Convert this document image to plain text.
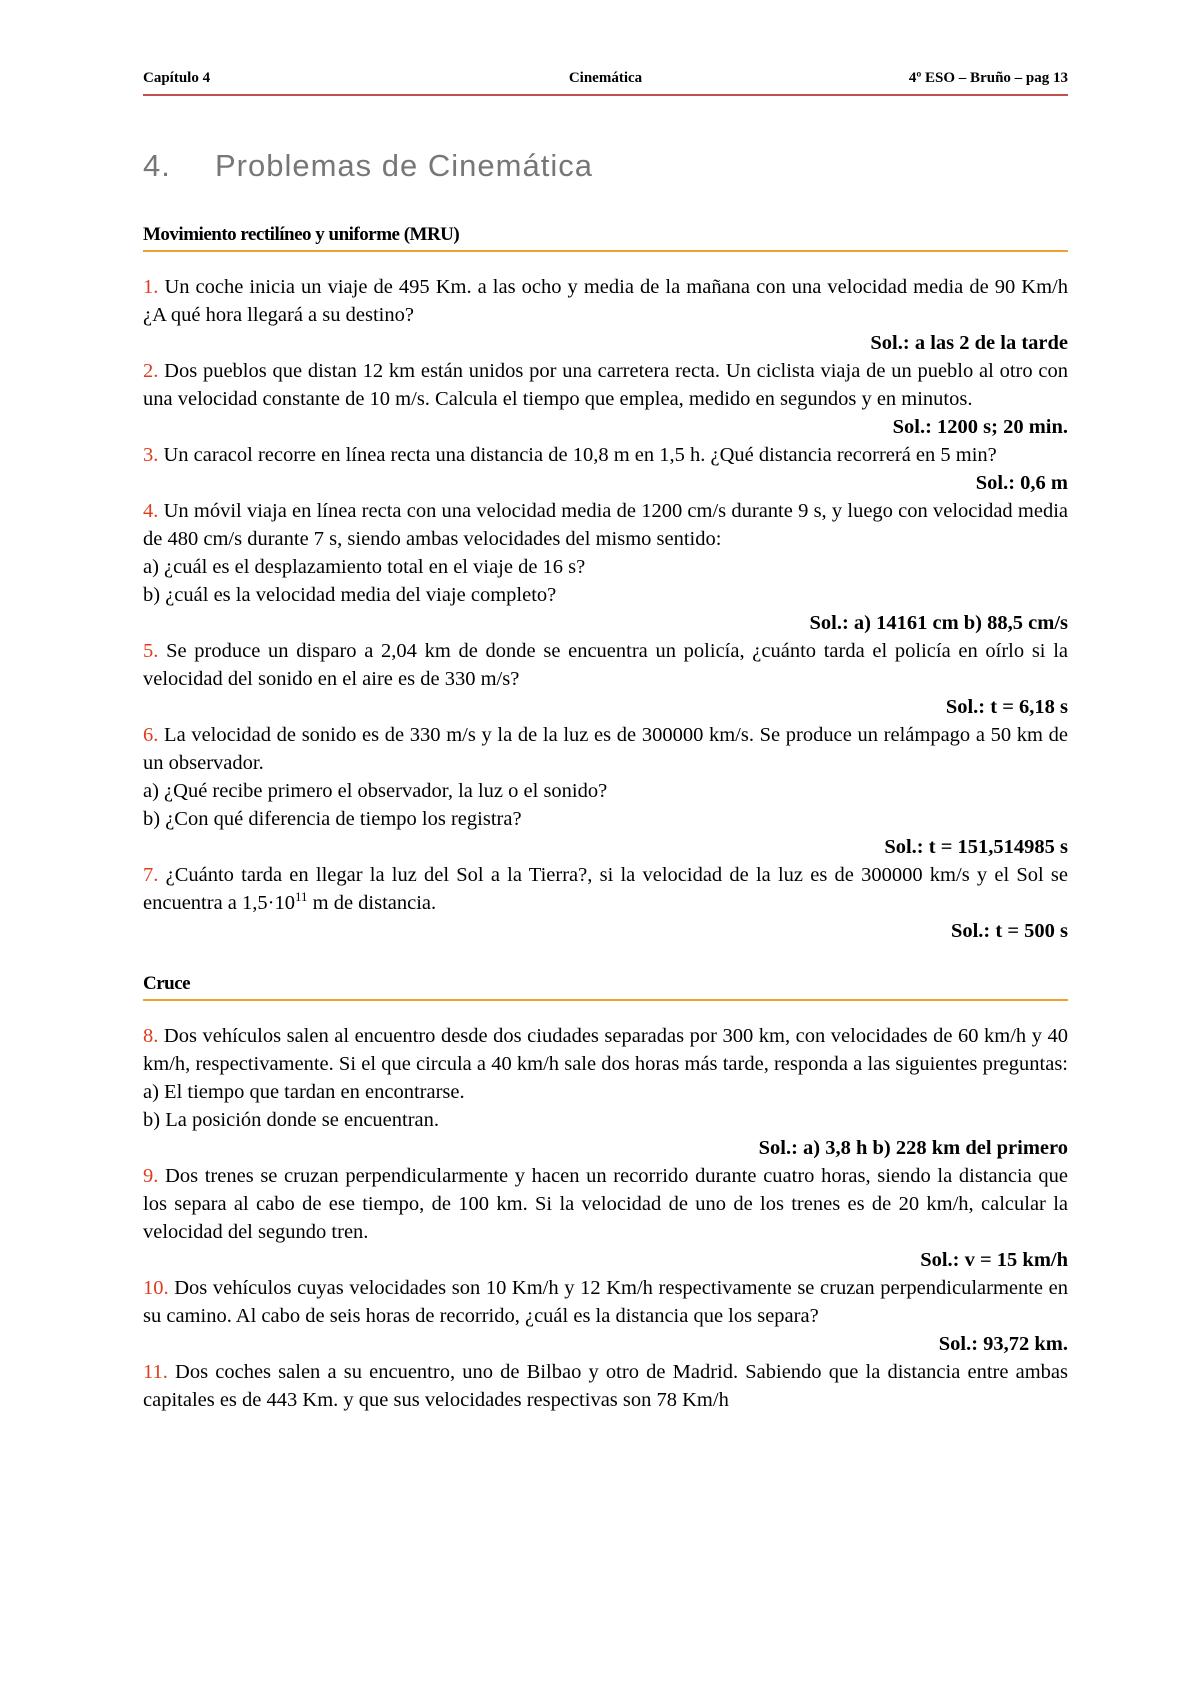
Capítulo 4	Cinemática	4º ESO – Bruño – pag 13
4. Problemas de Cinemática
Movimiento rectilíneo y uniforme (MRU)

1. Un coche inicia un viaje de 495 Km. a las ocho y media de la mañana con una velocidad media de 90 Km/h ¿A qué hora llegará a su destino?

Sol.: a las 2 de la tarde

2. Dos pueblos que distan 12 km están unidos por una carretera recta. Un ciclista viaja de un pueblo al otro con una velocidad constante de 10 m/s. Calcula el tiempo que emplea, medido en segundos y en minutos.

Sol.: 1200 s; 20 min.

3. Un caracol recorre en línea recta una distancia de 10,8 m en 1,5 h. ¿Qué distancia recorrerá en 5 min?

Sol.: 0,6 m

4. Un móvil viaja en línea recta con una velocidad media de 1200 cm/s durante 9 s, y luego con velocidad media de 480 cm/s durante 7 s, siendo ambas velocidades del mismo sentido:

a) ¿cuál es el desplazamiento total en el viaje de 16 s?

b) ¿cuál es la velocidad media del viaje completo?

Sol.: a) 14161 cm b) 88,5 cm/s

5. Se produce un disparo a 2,04 km de donde se encuentra un policía, ¿cuánto tarda el policía en oírlo si la velocidad del sonido en el aire es de 330 m/s?

Sol.: t = 6,18 s

6. La velocidad de sonido es de 330 m/s y la de la luz es de 300000 km/s. Se produce un relámpago a 50 km de un observador.

a) ¿Qué recibe primero el observador, la luz o el sonido?

b) ¿Con qué diferencia de tiempo los registra?

Sol.: t = 151,514985 s

7. ¿Cuánto tarda en llegar la luz del Sol a la Tierra?, si la velocidad de la luz es de 300000 km/s y el Sol se encuentra a $1,5\cdot 10^{11}$ m de distancia.

Sol.: t = 500 s

Cruce

8. Dos vehículos salen al encuentro desde dos ciudades separadas por 300 km, con velocidades de 60 km/h y 40 km/h, respectivamente. Si el que circula a 40 km/h sale dos horas más tarde, responda a las siguientes preguntas: a) El tiempo que tardan en encontrarse.

b) La posición donde se encuentran.

Sol.: a) 3,8 h b) 228 km del primero

9. Dos trenes se cruzan perpendicularmente y hacen un recorrido durante cuatro horas, siendo la distancia que los separa al cabo de ese tiempo, de 100 km. Si la velocidad de uno de los trenes es de 20 km/h, calcular la velocidad del segundo tren.

Sol.: v = 15 km/h

10. Dos vehículos cuyas velocidades son 10 Km/h y 12 Km/h respectivamente se cruzan perpendicularmente en su camino. Al cabo de seis horas de recorrido, ¿cuál es la distancia que los separa?

Sol.: 93,72 km.

11. Dos coches salen a su encuentro, uno de Bilbao y otro de Madrid. Sabiendo que la distancia entre ambas capitales es de 443 Km. y que sus velocidades respectivas son 78 Km/h
